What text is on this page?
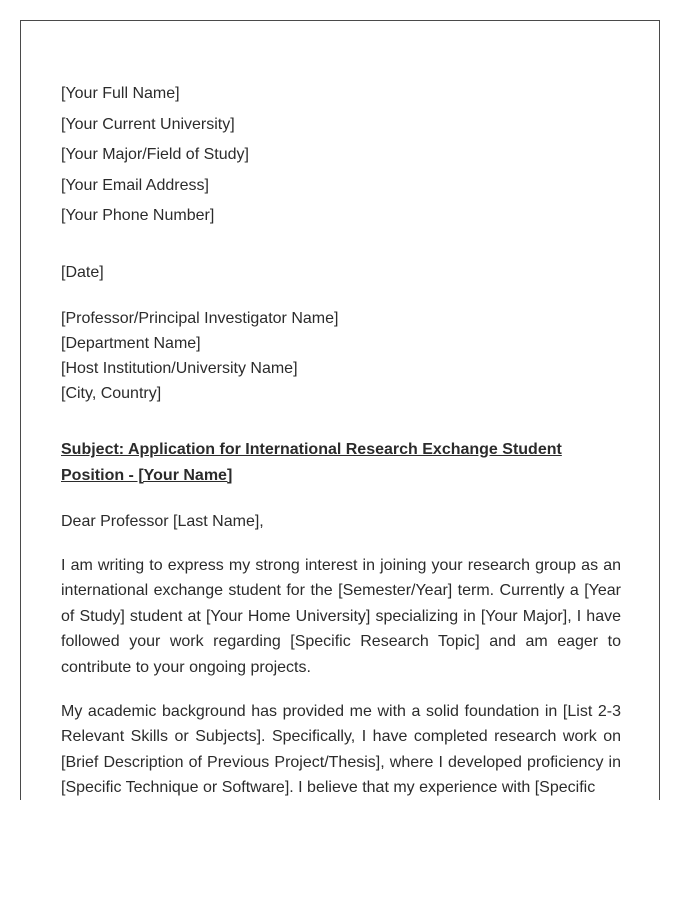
[Your Full Name]
[Your Current University]
[Your Major/Field of Study]
[Your Email Address]
[Your Phone Number]
[Date]
[Professor/Principal Investigator Name]
[Department Name]
[Host Institution/University Name]
[City, Country]
Subject: Application for International Research Exchange Student Position - [Your Name]
Dear Professor [Last Name],
I am writing to express my strong interest in joining your research group as an international exchange student for the [Semester/Year] term. Currently a [Year of Study] student at [Your Home University] specializing in [Your Major], I have followed your work regarding [Specific Research Topic] and am eager to contribute to your ongoing projects.
My academic background has provided me with a solid foundation in [List 2-3 Relevant Skills or Subjects]. Specifically, I have completed research work on [Brief Description of Previous Project/Thesis], where I developed proficiency in [Specific Technique or Software]. I believe that my experience with [Specific
